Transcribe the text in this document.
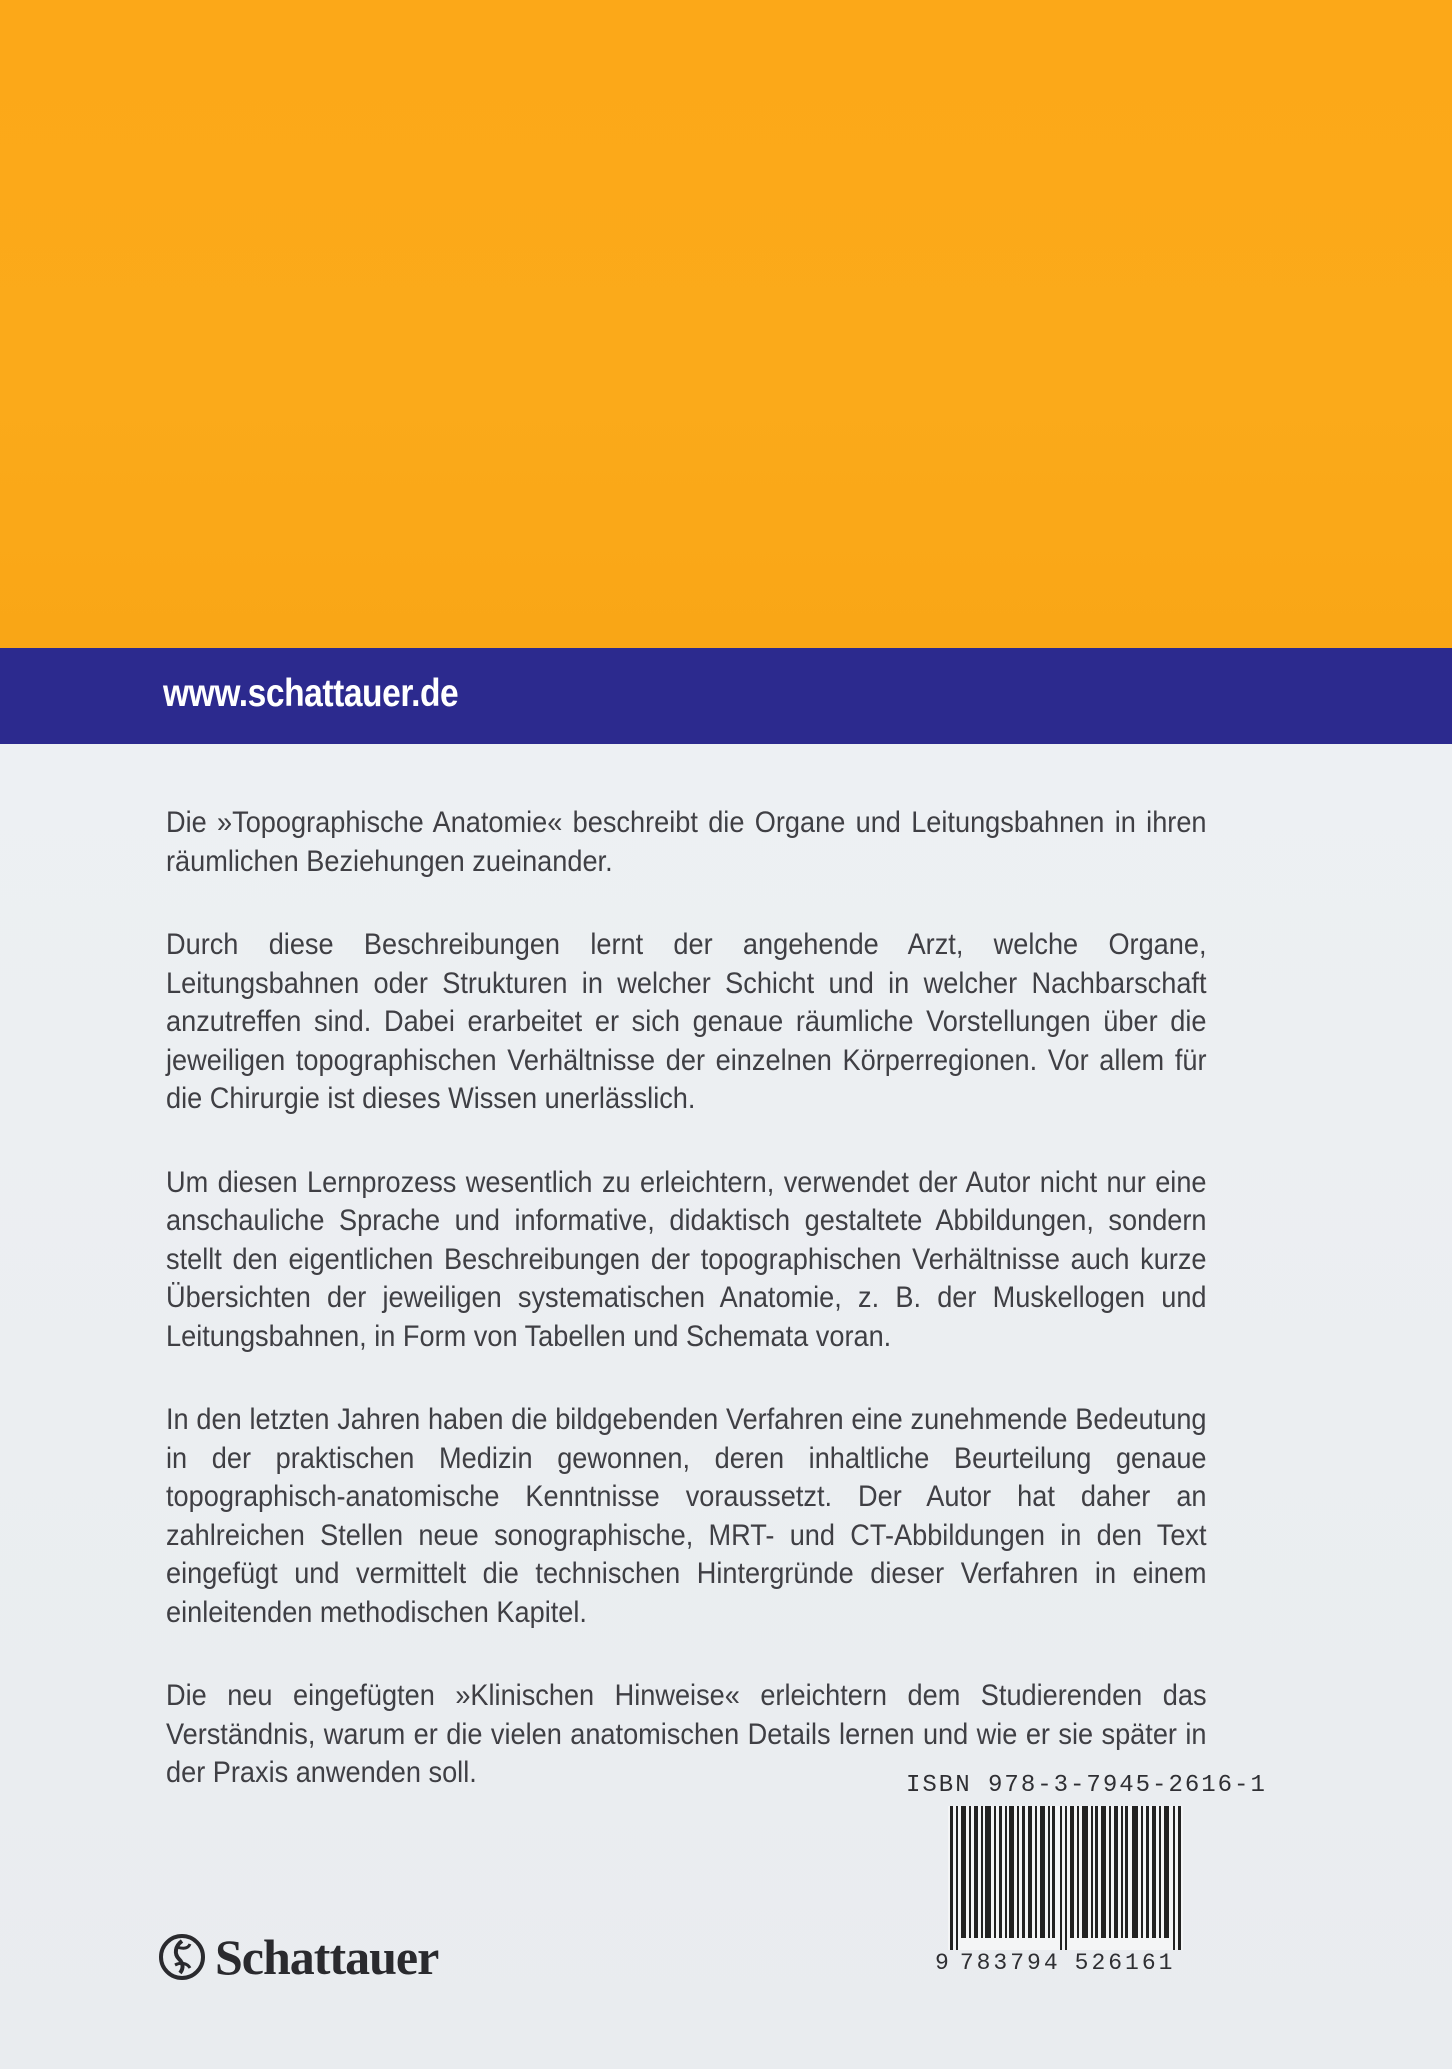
www.schattauer.de

Die »Topographische Anatomie« beschreibt die Organe und Leitungsbahnen in ihren räumlichen Beziehungen zueinander.

Durch diese Beschreibungen lernt der angehende Arzt, welche Organe, Leitungsbahnen oder Strukturen in welcher Schicht und in welcher Nachbarschaft anzutreffen sind. Dabei erarbeitet er sich genaue räumliche Vorstellungen über die jeweiligen topographischen Verhältnisse der einzelnen Körperregionen. Vor allem für die Chirurgie ist dieses Wissen unerlässlich.

Um diesen Lernprozess wesentlich zu erleichtern, verwendet der Autor nicht nur eine anschauliche Sprache und informative, didaktisch gestaltete Abbildungen, sondern stellt den eigentlichen Beschreibungen der topographischen Verhältnisse auch kurze Übersichten der jeweiligen systematischen Anatomie, z. B. der Muskellogen und Leitungsbahnen, in Form von Tabellen und Schemata voran.

In den letzten Jahren haben die bildgebenden Verfahren eine zunehmende Bedeutung in der praktischen Medizin gewonnen, deren inhaltliche Beurteilung genaue topographisch-anatomische Kenntnisse voraussetzt. Der Autor hat daher an zahlreichen Stellen neue sonographische, MRT- und CT-Abbildungen in den Text eingefügt und vermittelt die technischen Hintergründe dieser Verfahren in einem einleitenden methodischen Kapitel.

Die neu eingefügten »Klinischen Hinweise« erleichtern dem Studierenden das Verständnis, warum er die vielen anatomischen Details lernen und wie er sie später in der Praxis anwenden soll.	ISBN 978-3-7945-2616-1
9 783794 526161
Schattauer
